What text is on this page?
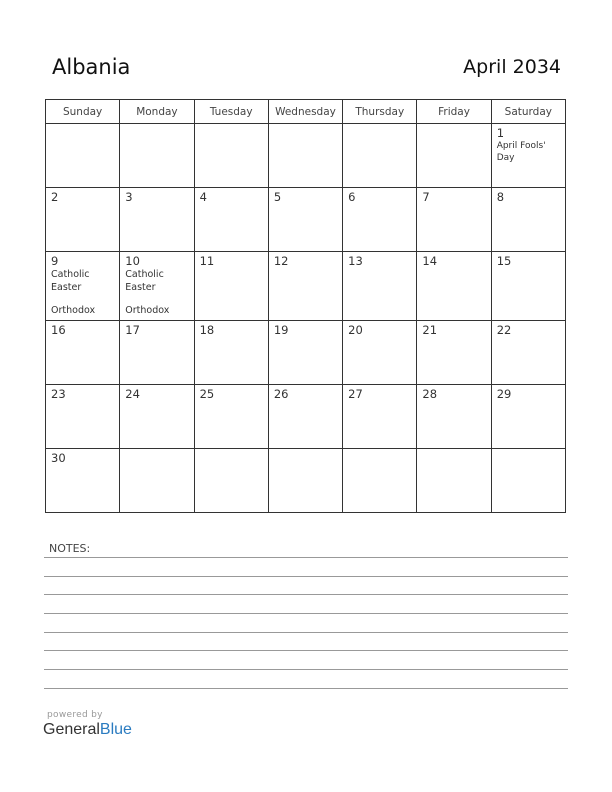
Albania	April 2034
Sunday	Monday	Tuesday	Wednesday	Thursday	Friday	Saturday

						1
April Fools'
Day

2	3	4	5	6	7	8

9
Catholic
Easter
Orthodox	10
Catholic
Easter
Orthodox	11	12	13	14	15

16	17	18	19	20	21	22

23	24	25	26	27	28	29

30						

NOTES:
powered by
GeneralBlue
